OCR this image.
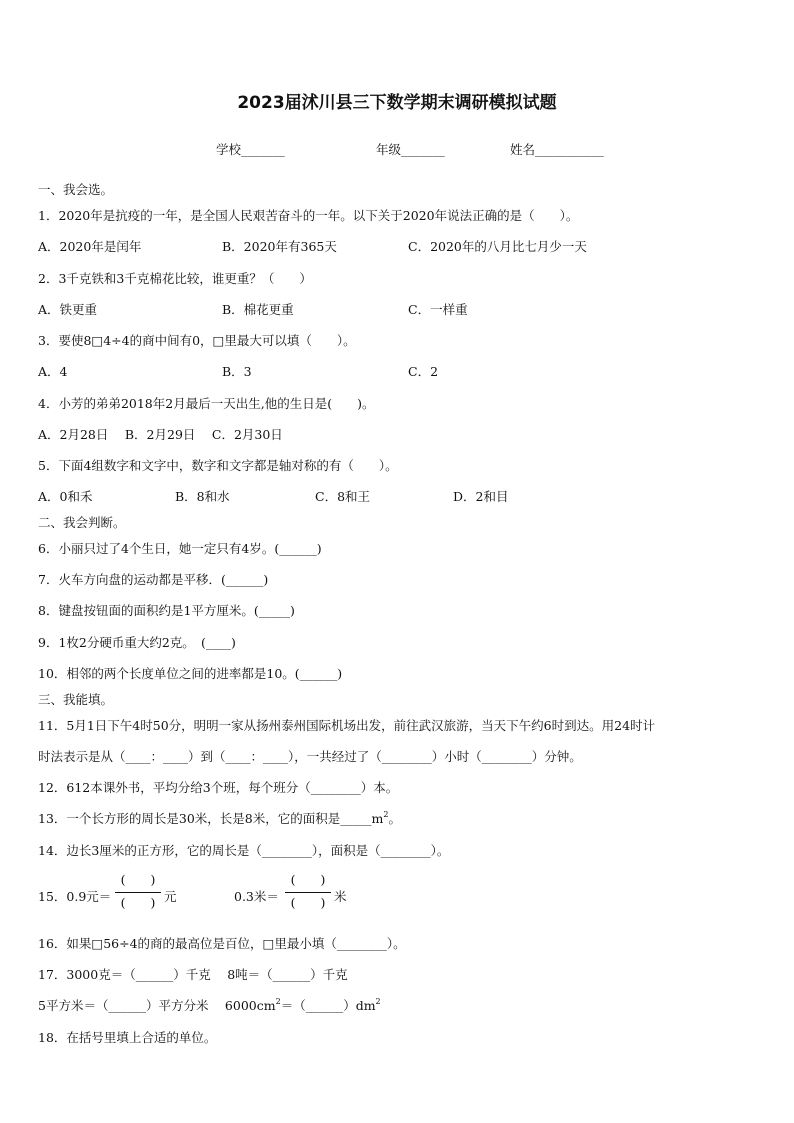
2023届沭川县三下数学期末调研模拟试题
学校_______	年级_______	姓名___________
一、我会选。
1．2020年是抗疫的一年，是全国人民艰苦奋斗的一年。以下关于2020年说法正确的是（　　）。
A．2020年是闰年	B．2020年有365天	C．2020年的八月比七月少一天
2．3千克铁和3千克棉花比较，谁更重？（　　）
A．铁更重	B．棉花更重	C．一样重
3．要使8□4÷4的商中间有0，□里最大可以填（　　）。
A．4	B．3	C．2
4．小芳的弟弟2018年2月最后一天出生,他的生日是(　　)。
A．2月28日　 B．2月29日　 C．2月30日
5．下面4组数字和文字中，数字和文字都是轴对称的有（　　）。
A．0和禾	B．8和水	C．8和王	D．2和目
二、我会判断。
6．小丽只过了4个生日，她一定只有4岁。(______)
7．火车方向盘的运动都是平移．(______)
8．键盘按钮面的面积约是1平方厘米。(_____)
9．1枚2分硬币重大约2克。　(____)
10．相邻的两个长度单位之间的进率都是10。(______)
三、我能填。
11．5月1日下午4时50分，明明一家从扬州泰州国际机场出发，前往武汉旅游，当天下午约6时到达。用24时计
时法表示是从（____：____）到（____：____），一共经过了（________）小时（________）分钟。
12．612本课外书，平均分给3个班，每个班分（________）本。
13．一个长方形的周长是30米，长是8米，它的面积是$\_\_\_\_\_m^2$。
14．边长3厘米的正方形，它的周长是（________），面积是（________）。
15．0.9元＝
(　　)
(　　) 元	0.3米＝
(　　)
(　　) 米
16．如果□56÷4的商的最高位是百位，□里最小填（________）。
17．3000克＝（______）千克　 8吨＝（______）千克
5平方米＝（______）平方分米　 $6000cm^2=(\_\_\_\_\_\_)dm^2$
18．在括号里填上合适的单位。
